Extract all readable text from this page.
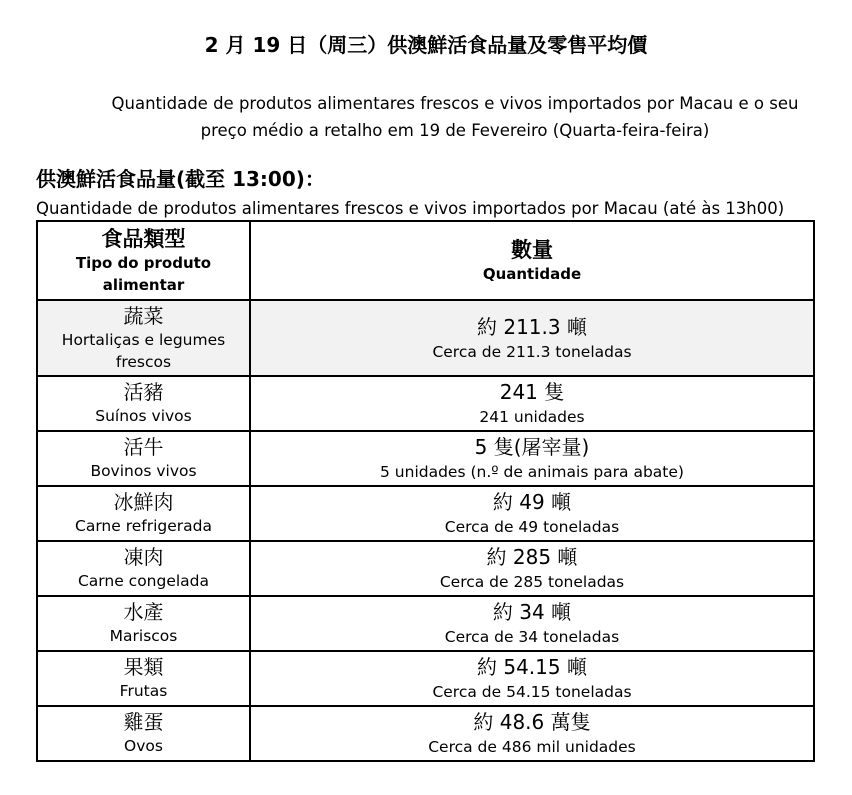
2 月 19 日（周三）供澳鮮活食品量及零售平均價
Quantidade de produtos alimentares frescos e vivos importados por Macau e o seu
preço médio a retalho em 19 de Fevereiro (Quarta-feira-feira)
供澳鮮活食品量(截至 13:00)：
Quantidade de produtos alimentares frescos e vivos importados por Macau (até às 13h00)
食品類型
Tipo do produto alimentar	數量
Quantidade

蔬菜
Hortaliças e legumes frescos	約 211.3 噸
Cerca de 211.3 toneladas

活豬
Suínos vivos	241 隻
241 unidades

活牛
Bovinos vivos	5 隻(屠宰量)
5 unidades (n.º de animais para abate)

冰鮮肉
Carne refrigerada	約 49 噸
Cerca de 49 toneladas

凍肉
Carne congelada	約 285 噸
Cerca de 285 toneladas

水產
Mariscos	約 34 噸
Cerca de 34 toneladas

果類
Frutas	約 54.15 噸
Cerca de 54.15 toneladas

雞蛋
Ovos	約 48.6 萬隻
Cerca de 486 mil unidades
